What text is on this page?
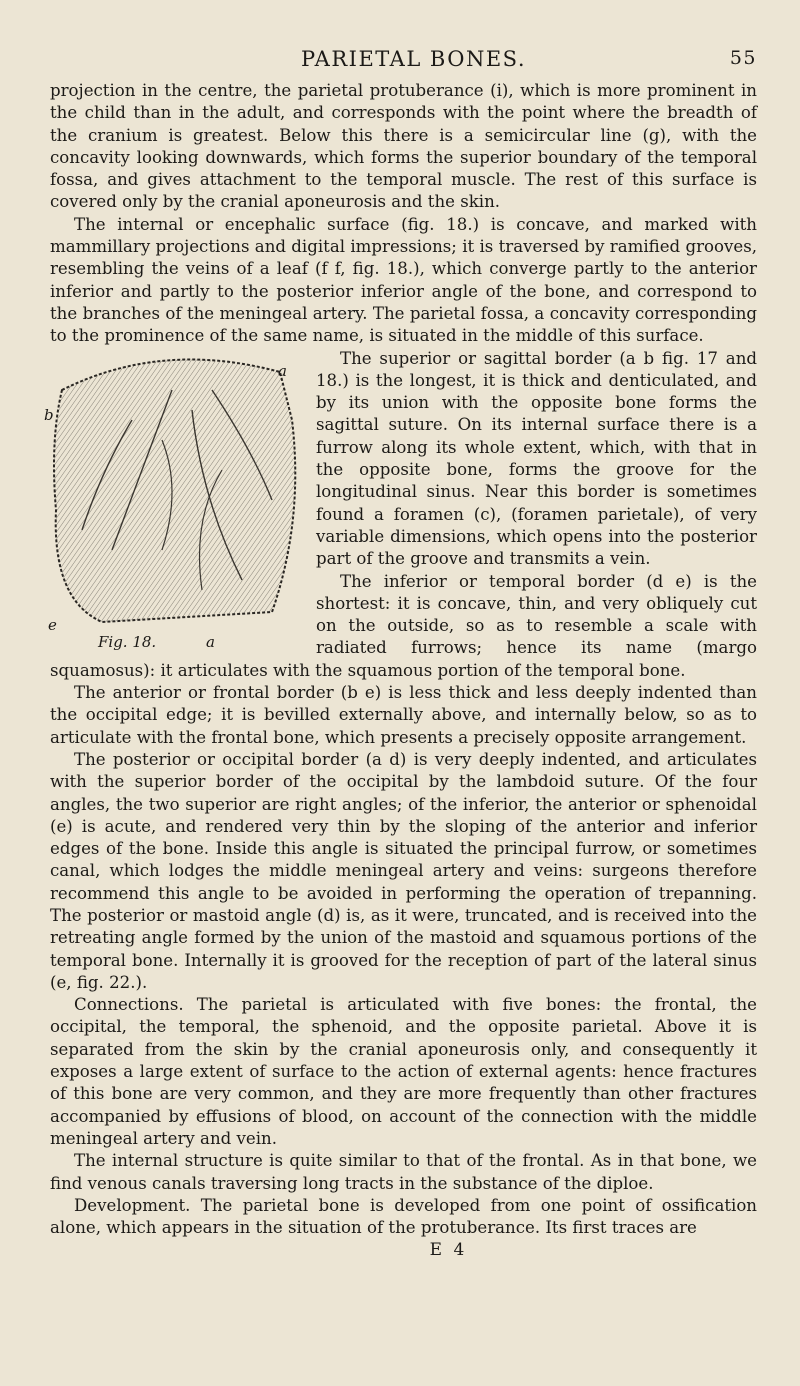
PARIETAL BONES.	55

projection in the centre, the parietal protuberance (i), which is more prominent in the child than in the adult, and corresponds with the point where the breadth of the cranium is greatest. Below this there is a semicircular line (g), with the concavity looking downwards, which forms the superior boundary of the temporal fossa, and gives attachment to the temporal muscle. The rest of this surface is covered only by the cranial aponeurosis and the skin.

The internal or encephalic surface (fig. 18.) is concave, and marked with mammillary projections and digital impressions; it is traversed by ramified grooves, resembling the veins of a leaf (f f, fig. 18.), which converge partly to the anterior inferior and partly to the posterior inferior angle of the bone, and correspond to the branches of the meningeal artery. The parietal fossa, a concavity corresponding to the prominence of the same name, is situated in the middle of this surface.

a
b
e
Fig. 18.	a

The superior or sagittal border (a b fig. 17 and 18.) is the longest, it is thick and denticulated, and by its union with the opposite bone forms the sagittal suture. On its internal surface there is a furrow along its whole extent, which, with that in the opposite bone, forms the groove for the longitudinal sinus. Near this border is sometimes found a foramen (c), (foramen parietale), of very variable dimensions, which opens into the posterior part of the groove and transmits a vein.

The inferior or temporal border (d e) is the shortest: it is concave, thin, and very obliquely cut on the outside, so as to resemble a scale with radiated furrows; hence its name (margo squamosus): it articulates with the squamous portion of the temporal bone.

The anterior or frontal border (b e) is less thick and less deeply indented than the occipital edge; it is bevilled externally above, and internally below, so as to articulate with the frontal bone, which presents a precisely opposite arrangement.

The posterior or occipital border (a d) is very deeply indented, and articulates with the superior border of the occipital by the lambdoid suture. Of the four angles, the two superior are right angles; of the inferior, the anterior or sphenoidal (e) is acute, and rendered very thin by the sloping of the anterior and inferior edges of the bone. Inside this angle is situated the principal furrow, or sometimes canal, which lodges the middle meningeal artery and veins: surgeons therefore recommend this angle to be avoided in performing the operation of trepanning. The posterior or mastoid angle (d) is, as it were, truncated, and is received into the retreating angle formed by the union of the mastoid and squamous portions of the temporal bone. Internally it is grooved for the reception of part of the lateral sinus (e, fig. 22.).

Connections. The parietal is articulated with five bones: the frontal, the occipital, the temporal, the sphenoid, and the opposite parietal. Above it is separated from the skin by the cranial aponeurosis only, and consequently it exposes a large extent of surface to the action of external agents: hence fractures of this bone are very common, and they are more frequently than other fractures accompanied by effusions of blood, on account of the connection with the middle meningeal artery and vein.

The internal structure is quite similar to that of the frontal. As in that bone, we find venous canals traversing long tracts in the substance of the diploe.

Development. The parietal bone is developed from one point of ossification alone, which appears in the situation of the protuberance. Its first traces are

E 4
